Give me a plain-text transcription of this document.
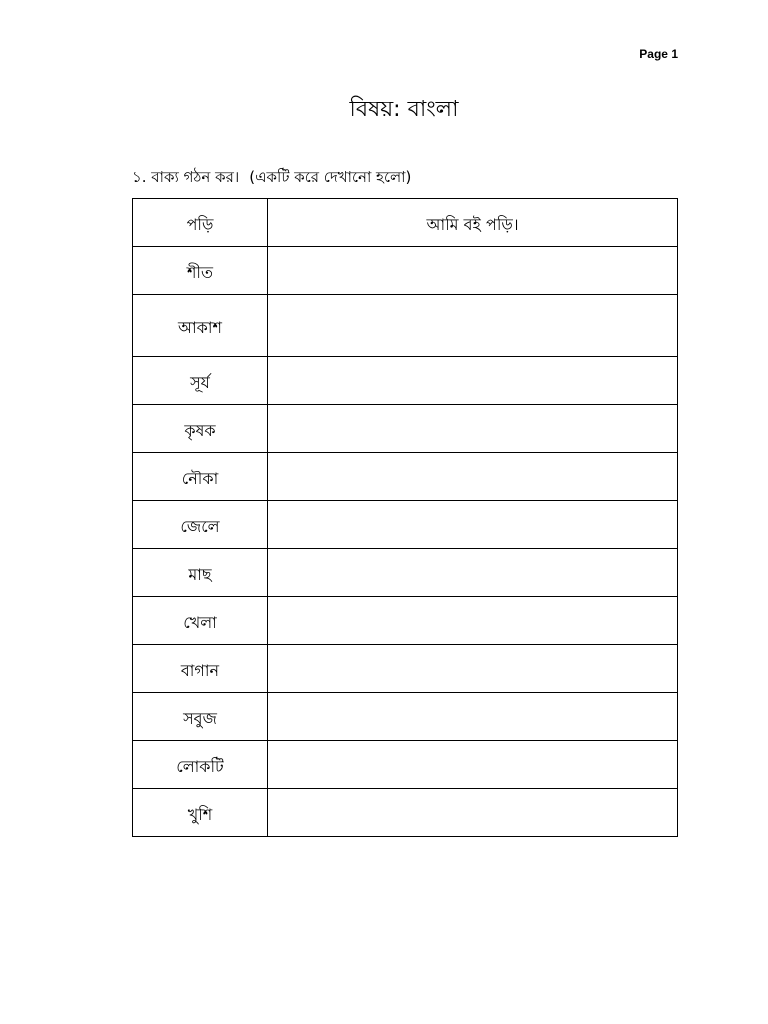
Page 1
বিষয়: বাংলা
১. বাক্য গঠন কর। (একটি করে দেখানো হলো)
পড়ি	আমি বই পড়ি।
শীত	
আকাশ	
সূর্য	
কৃষক	
নৌকা	
জেলে	
মাছ	
খেলা	
বাগান	
সবুজ	
লোকটি	
খুশি	
